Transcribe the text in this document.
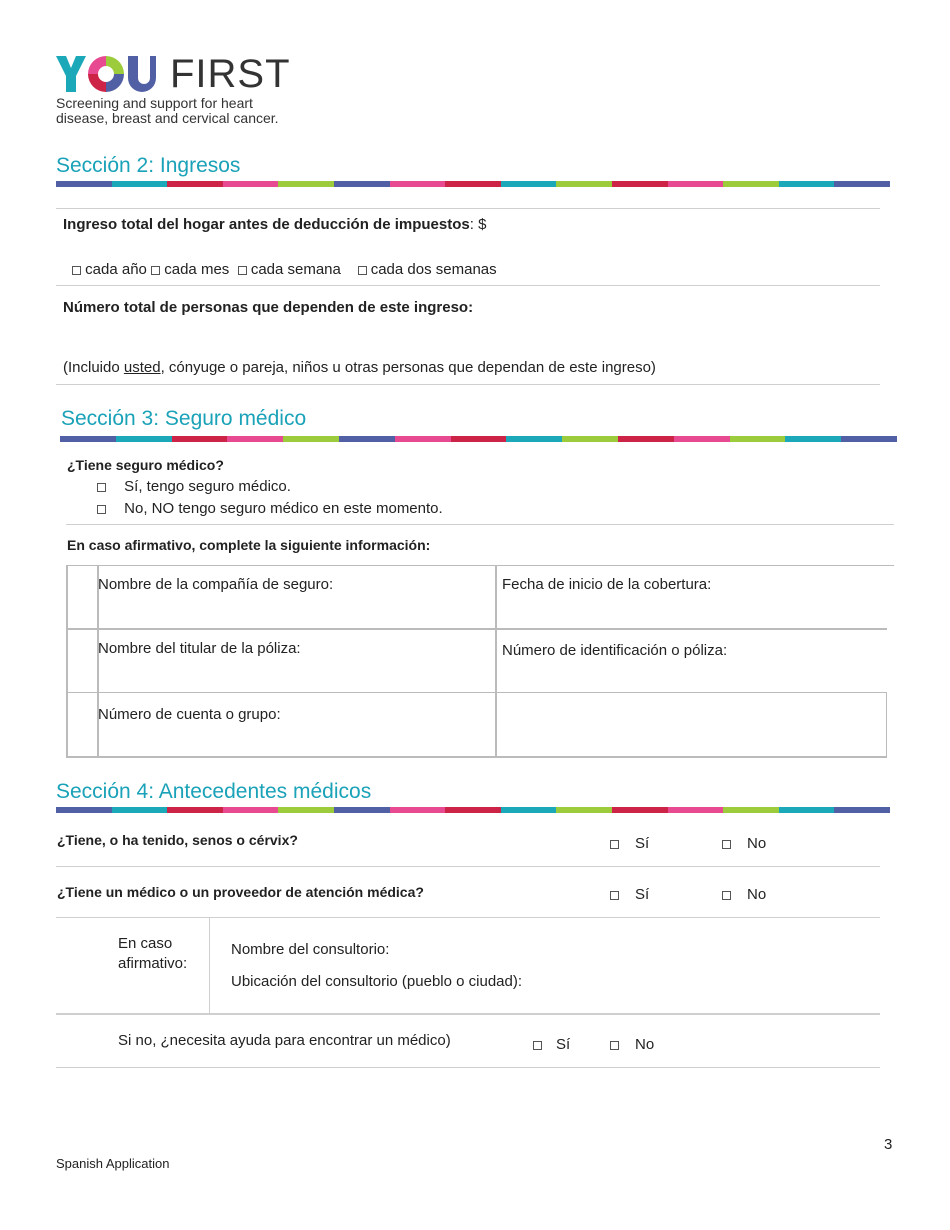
FIRST
Screening and support for heart
disease, breast and cervical cancer.
Sección 2: Ingresos
Ingreso total del hogar antes de deducción de impuestos: $
cada año cada mes cada semana cada dos semanas
Número total de personas que dependen de este ingreso:
(Incluido usted, cónyuge o pareja, niños u otras personas que dependan de este ingreso)
Sección 3: Seguro médico
¿Tiene seguro médico?
Sí, tengo seguro médico.
No, NO tengo seguro médico en este momento.
En caso afirmativo, complete la siguiente información:
Nombre de la compañía de seguro:	Fecha de inicio de la cobertura:
Nombre del titular de la póliza:	Número de identificación o póliza:
Número de cuenta o grupo:
Sección 4: Antecedentes médicos
¿Tiene, o ha tenido, senos o cérvix?	Sí	No
¿Tiene un médico o un proveedor de atención médica?	Sí	No
En caso
afirmativo:
Nombre del consultorio:
Ubicación del consultorio (pueblo o ciudad):
Si no, ¿necesita ayuda para encontrar un médico)	Sí	No
3
Spanish Application
